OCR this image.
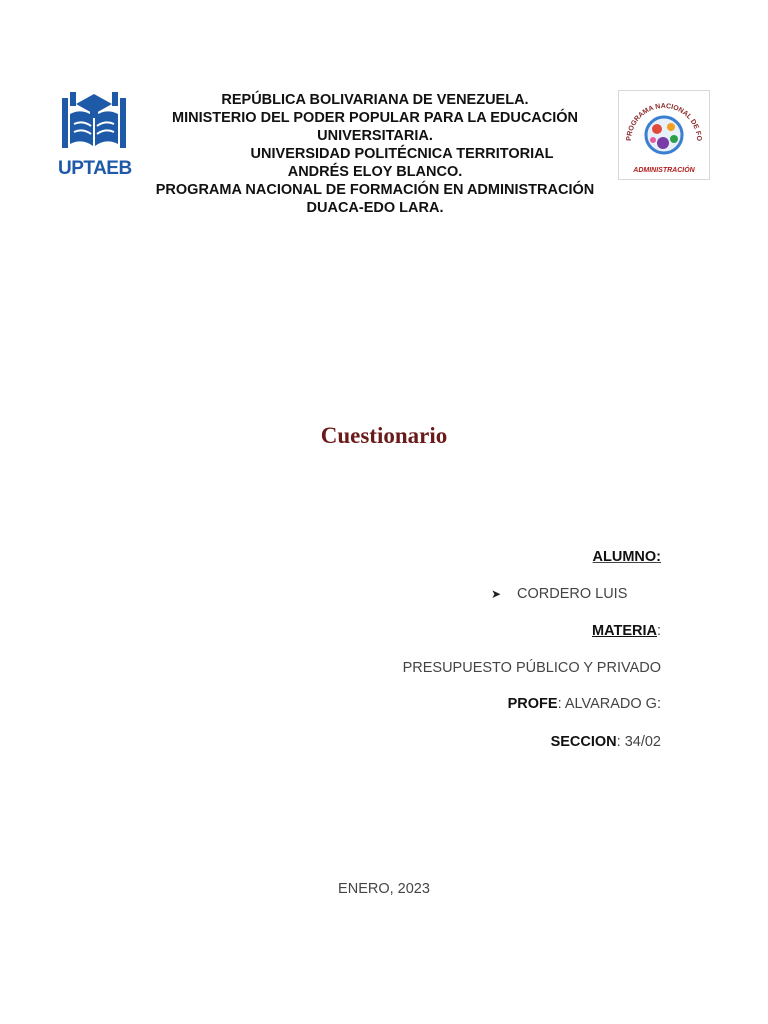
UPTAEB
REPÚBLICA BOLIVARIANA DE VENEZUELA.
MINISTERIO DEL PODER POPULAR PARA LA EDUCACIÓN
UNIVERSITARIA.
UNIVERSIDAD POLITÉCNICA TERRITORIAL
ANDRÉS ELOY BLANCO.
PROGRAMA NACIONAL DE FORMACIÓN EN ADMINISTRACIÓN
DUACA-EDO LARA.
PROGRAMA NACIONAL DE FO
ADMINISTRACIÓN
Cuestionario
ALUMNO:
➤ CORDERO LUIS
MATERIA:
PRESUPUESTO PÚBLICO Y PRIVADO
PROFE: ALVARADO G:
SECCION: 34/02
ENERO, 2023
